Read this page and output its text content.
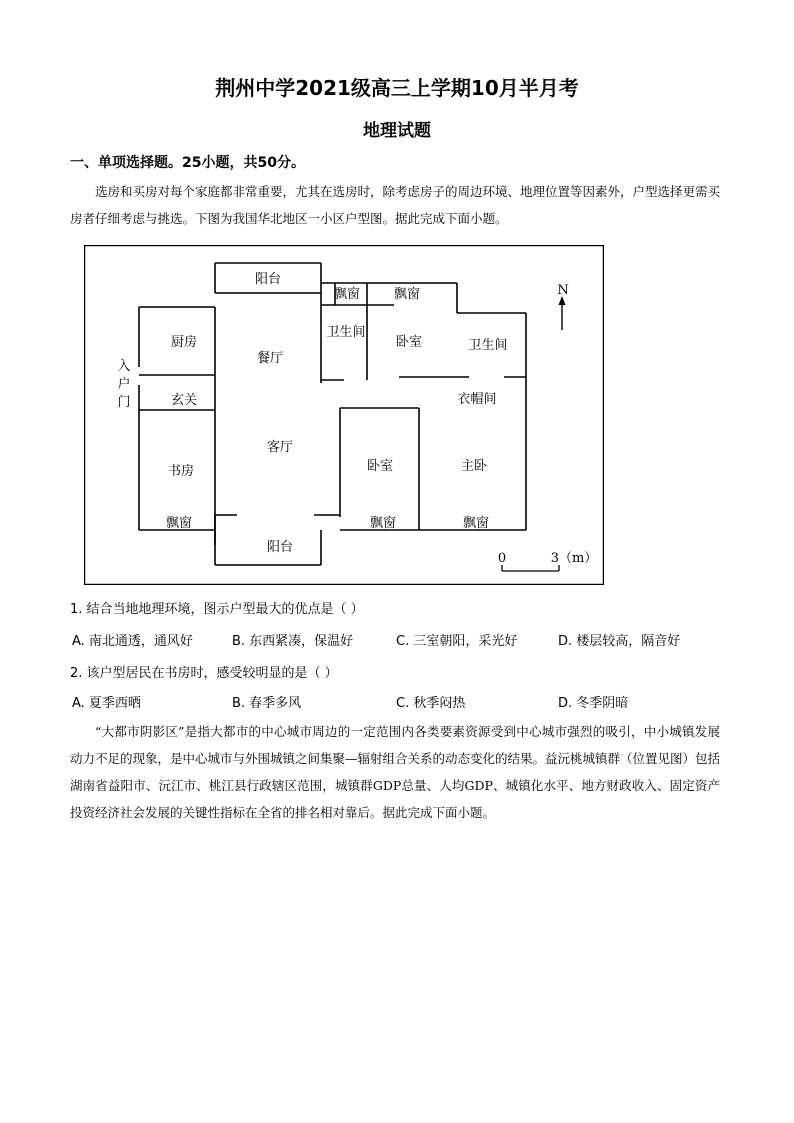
荆州中学2021级高三上学期10月半月考
地理试题
一、单项选择题。25小题，共50分。
选房和买房对每个家庭都非常重要，尤其在选房时，除考虑房子的周边环境、地理位置等因素外，户型选择更需买房者仔细考虑与挑选。下图为我国华北地区一小区户型图。据此完成下面小题。
阳台
飘窗	飘窗
厨房
餐厅
卫生间
卧室	卫生间
入
户
门	玄关	衣帽间
客厅
书房	卧室	主卧
飘窗	飘窗	飘窗
阳台
N
0	3（m）
1. 结合当地地理环境，图示户型最大的优点是（ ）
A. 南北通透，通风好	B. 东西紧凑，保温好	C. 三室朝阳，采光好	D. 楼层较高，隔音好
2. 该户型居民在书房时，感受较明显的是（ ）
A. 夏季西晒	B. 春季多风	C. 秋季闷热	D. 冬季阴暗
“大都市阴影区”是指大都市的中心城市周边的一定范围内各类要素资源受到中心城市强烈的吸引，中小城镇发展动力不足的现象，是中心城市与外围城镇之间集聚—辐射组合关系的动态变化的结果。益沅桃城镇群（位置见图）包括湖南省益阳市、沅江市、桃江县行政辖区范围，城镇群GDP总量、人均GDP、城镇化水平、地方财政收入、固定资产投资经济社会发展的关键性指标在全省的排名相对靠后。据此完成下面小题。
